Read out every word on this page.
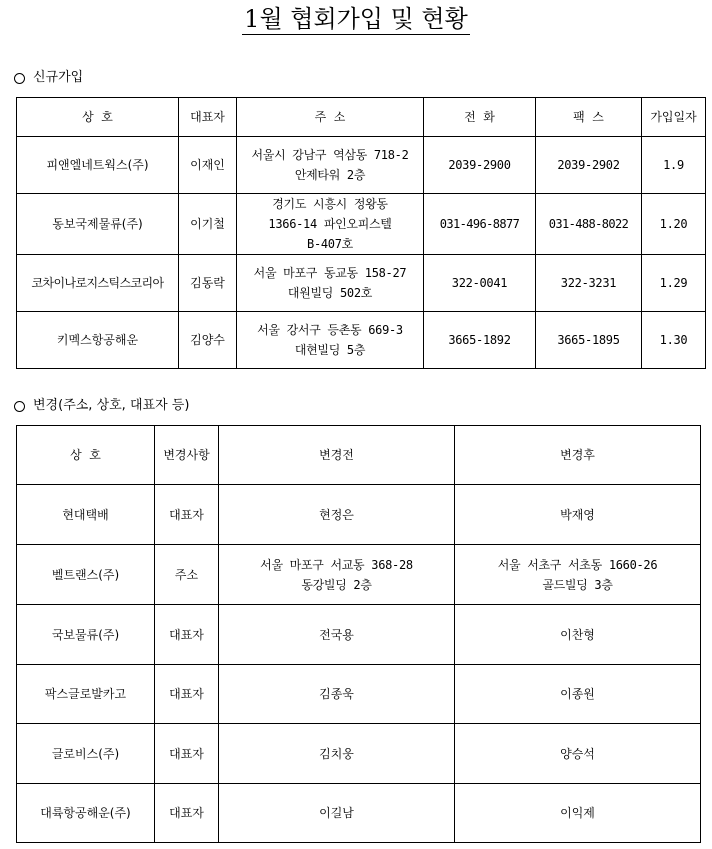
1월 협회가입 및 현황
신규가입
상  호	대표자	주  소	전  화	팩  스	가입일자
피앤엘네트웍스(주)	이재인	서울시 강남구 역삼동 718-2
안제타워 2층	2039-2900	2039-2902	1.9
동보국제물류(주)	이기철	경기도 시흥시 정왕동
1366-14 파인오피스텔
B-407호	031-496-8877	031-488-8022	1.20
코차이나로지스틱스코리아	김동락	서울 마포구 동교동 158-27
대원빌딩 502호	322-0041	322-3231	1.29
키멕스항공해운	김양수	서울 강서구 등촌동 669-3
대현빌딩 5층	3665-1892	3665-1895	1.30
변경(주소, 상호, 대표자 등)
상  호	변경사항	변경전	변경후
현대택배	대표자	현정은	박재영
벨트랜스(주)	주소	서울 마포구 서교동 368-28
동강빌딩 2층	서울 서초구 서초동 1660-26
골드빌딩 3층
국보물류(주)	대표자	전국용	이찬형
팍스글로발카고	대표자	김종욱	이종원
글로비스(주)	대표자	김치웅	양승석
대륙항공해운(주)	대표자	이길남	이익제
